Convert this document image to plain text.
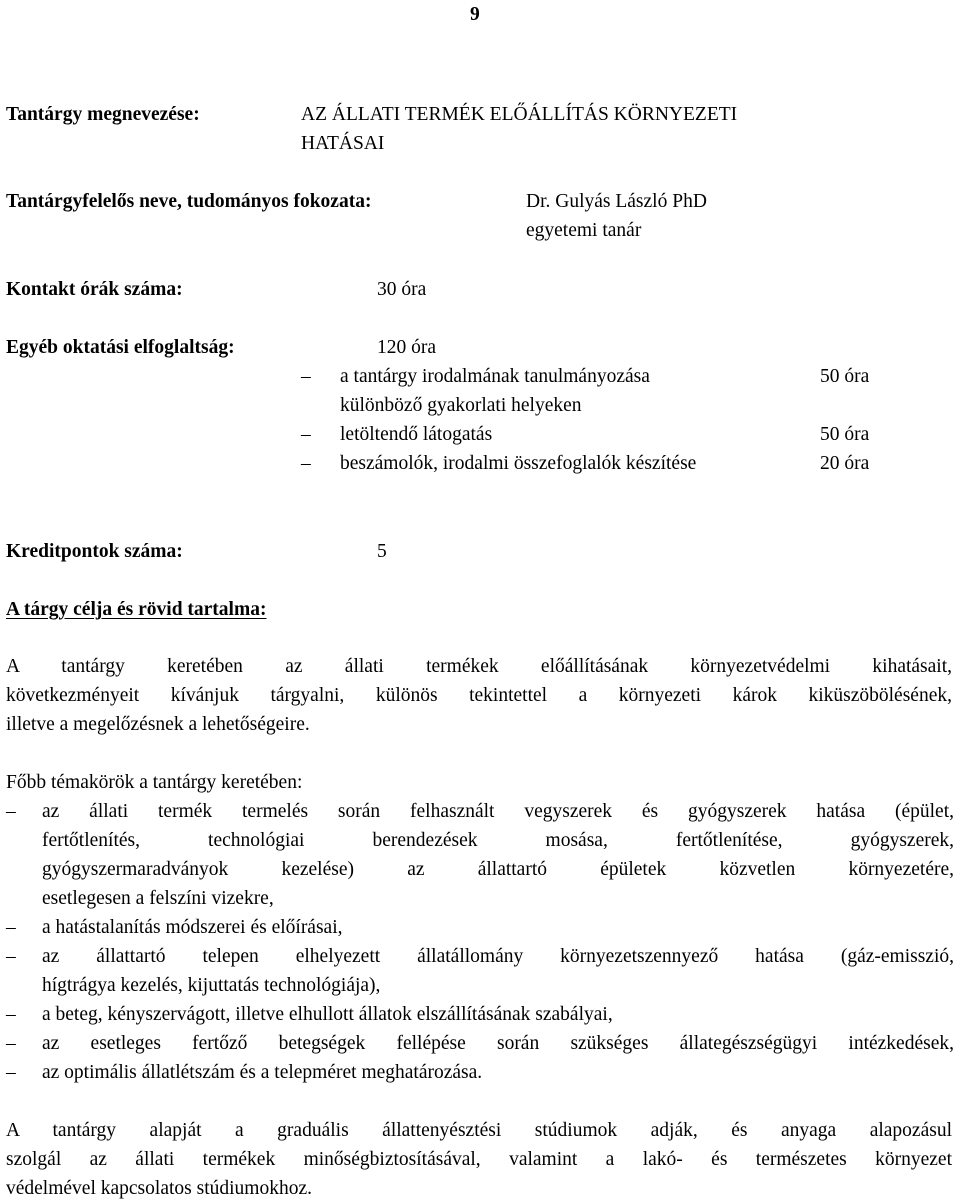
9
Tantárgy megnevezése:	AZ ÁLLATI TERMÉK ELŐÁLLÍTÁS KÖRNYEZETI
HATÁSAI
Tantárgyfelelős neve, tudományos fokozata:	Dr. Gulyás László PhD
egyetemi tanár
Kontakt órák száma:	30 óra
Egyéb oktatási elfoglaltság:	120 óra
– a tantárgy irodalmának tanulmányozása	50 óra
különböző gyakorlati helyeken
– letöltendő látogatás	50 óra
– beszámolók, irodalmi összefoglalók készítése	20 óra
Kreditpontok száma:	5
A tárgy célja és rövid tartalma:
A tantárgy keretében az állati termékek előállításának környezetvédelmi kihatásait,
következményeit kívánjuk tárgyalni, különös tekintettel a környezeti károk kiküszöbölésének,
illetve a megelőzésnek a lehetőségeire.
Főbb témakörök a tantárgy keretében:
– az állati termék termelés során felhasznált vegyszerek és gyógyszerek hatása (épület,
fertőtlenítés, technológiai berendezések mosása, fertőtlenítése, gyógyszerek,
gyógyszermaradványok kezelése) az állattartó épületek közvetlen környezetére,
esetlegesen a felszíni vizekre,
– a hatástalanítás módszerei és előírásai,
– az állattartó telepen elhelyezett állatállomány környezetszennyező hatása (gáz-emisszió,
hígtrágya kezelés, kijuttatás technológiája),
– a beteg, kényszervágott, illetve elhullott állatok elszállításának szabályai,
– az esetleges fertőző betegségek fellépése során szükséges állategészségügyi intézkedések,
– az optimális állatlétszám és a telepméret meghatározása.
A tantárgy alapját a graduális állattenyésztési stúdiumok adják, és anyaga alapozásul
szolgál az állati termékek minőségbiztosításával, valamint a lakó- és természetes környezet
védelmével kapcsolatos stúdiumokhoz.
